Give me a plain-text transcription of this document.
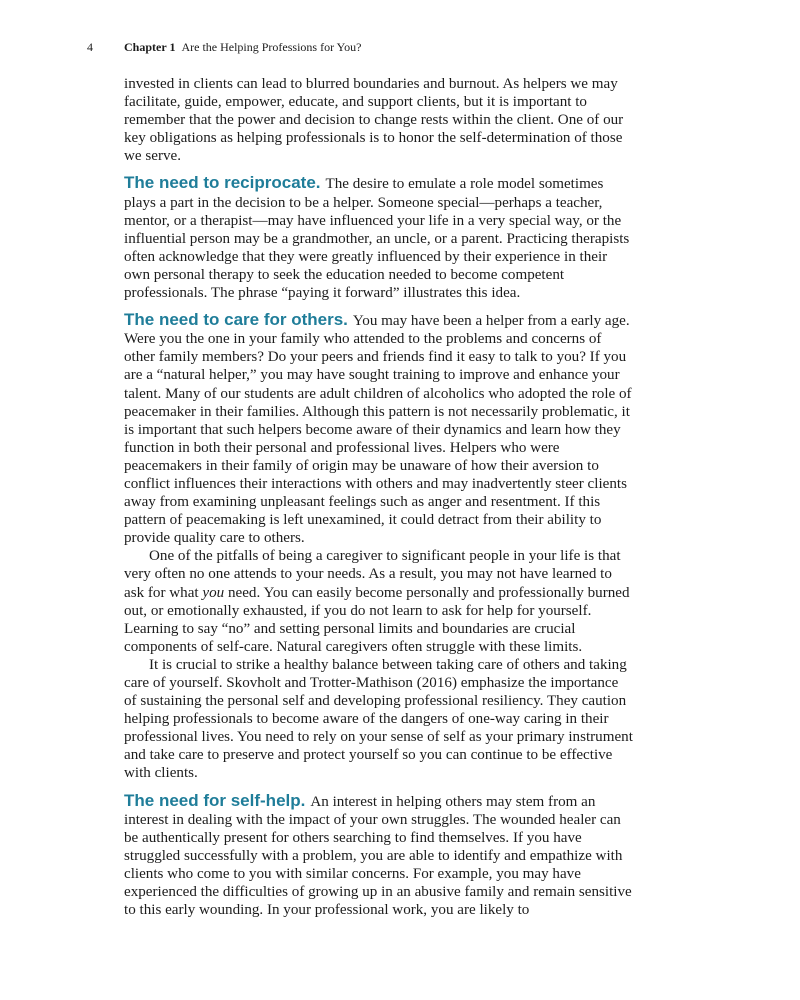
4	Chapter 1 Are the Helping Professions for You?

invested in clients can lead to blurred boundaries and burnout. As helpers we may facilitate, guide, empower, educate, and support clients, but it is important to remember that the power and decision to change rests within the client. One of our key obligations as helping professionals is to honor the self-determination of those we serve.

The need to reciprocate. The desire to emulate a role model sometimes plays a part in the decision to be a helper. Someone special—perhaps a teacher, mentor, or a therapist—may have influenced your life in a very special way, or the influential person may be a grandmother, an uncle, or a parent. Practicing therapists often acknowledge that they were greatly influenced by their experience in their own personal therapy to seek the education needed to become competent professionals. The phrase “paying it forward” illustrates this idea.

The need to care for others. You may have been a helper from a early age. Were you the one in your family who attended to the problems and concerns of other family members? Do your peers and friends find it easy to talk to you? If you are a “natural helper,” you may have sought training to improve and enhance your talent. Many of our students are adult children of alcoholics who adopted the role of peacemaker in their families. Although this pattern is not necessarily problematic, it is important that such helpers become aware of their dynamics and learn how they function in both their personal and professional lives. Helpers who were peacemakers in their family of origin may be unaware of how their aversion to conflict influences their interactions with others and may inadvertently steer clients away from examining unpleasant feelings such as anger and resentment. If this pattern of peacemaking is left unexamined, it could detract from their ability to provide quality care to others.

One of the pitfalls of being a caregiver to significant people in your life is that very often no one attends to your needs. As a result, you may not have learned to ask for what you need. You can easily become personally and professionally burned out, or emotionally exhausted, if you do not learn to ask for help for yourself. Learning to say “no” and setting personal limits and boundaries are crucial components of self-care. Natural caregivers often struggle with these limits.

It is crucial to strike a healthy balance between taking care of others and taking care of yourself. Skovholt and Trotter-Mathison (2016) emphasize the importance of sustaining the personal self and developing professional resiliency. They caution helping professionals to become aware of the dangers of one-way caring in their professional lives. You need to rely on your sense of self as your primary instrument and take care to preserve and protect yourself so you can continue to be effective with clients.

The need for self-help. An interest in helping others may stem from an interest in dealing with the impact of your own struggles. The wounded healer can be authentically present for others searching to find themselves. If you have struggled successfully with a problem, you are able to identify and empathize with clients who come to you with similar concerns. For example, you may have experienced the difficulties of growing up in an abusive family and remain sensitive to this early wounding. In your professional work, you are likely to
